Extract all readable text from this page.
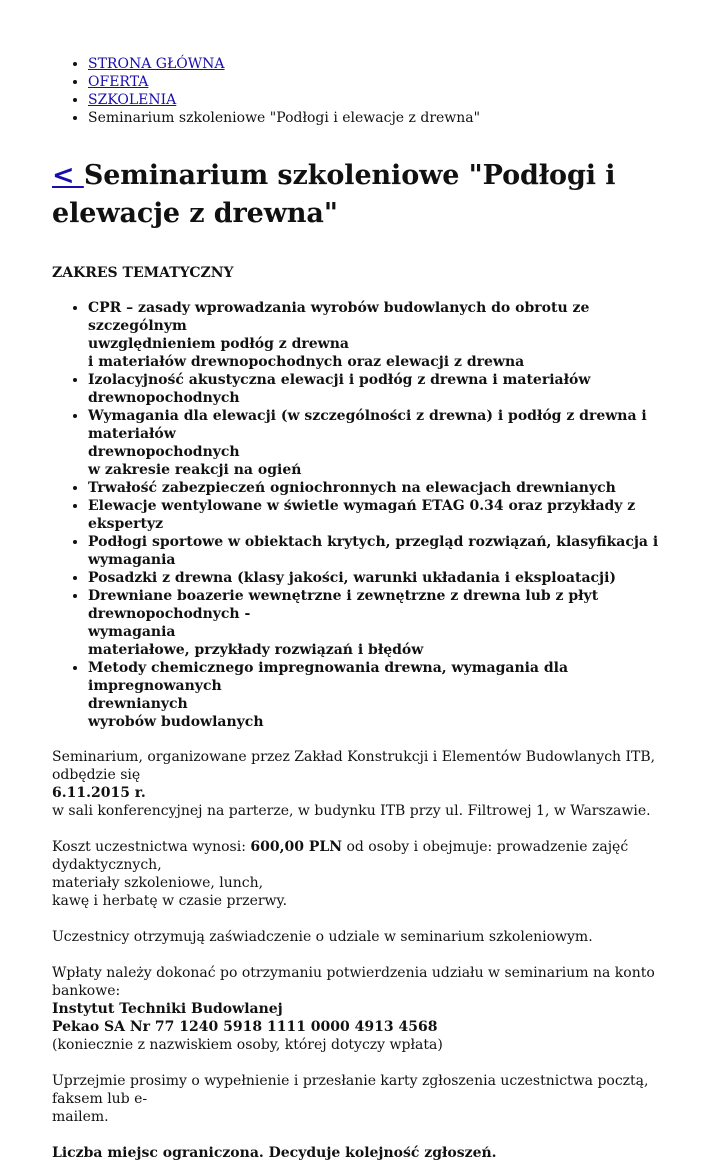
• STRONA GŁÓWNA
• OFERTA
• SZKOLENIA
• Seminarium szkoleniowe "Podłogi i elewacje z drewna"
< Seminarium szkoleniowe "Podłogi i
elewacje z drewna"

ZAKRES TEMATYCZNY

• CPR – zasady wprowadzania wyrobów budowlanych do obrotu ze szczególnym
uwzględnieniem podłóg z drewna
i materiałów drewnopochodnych oraz elewacji z drewna
• Izolacyjność akustyczna elewacji i podłóg z drewna i materiałów drewnopochodnych
• Wymagania dla elewacji (w szczególności z drewna) i podłóg z drewna i materiałów
drewnopochodnych
w zakresie reakcji na ogień
• Trwałość zabezpieczeń ogniochronnych na elewacjach drewnianych
• Elewacje wentylowane w świetle wymagań ETAG 0.34 oraz przykłady z ekspertyz
• Podłogi sportowe w obiektach krytych, przegląd rozwiązań, klasyfikacja i wymagania
• Posadzki z drewna (klasy jakości, warunki układania i eksploatacji)
• Drewniane boazerie wewnętrzne i zewnętrzne z drewna lub z płyt drewnopochodnych -
wymagania
materiałowe, przykłady rozwiązań i błędów
• Metody chemicznego impregnowania drewna, wymagania dla impregnowanych
drewnianych
wyrobów budowlanych

Seminarium, organizowane przez Zakład Konstrukcji i Elementów Budowlanych ITB, odbędzie się

6.11.2015 r.

w sali konferencyjnej na parterze, w budynku ITB przy ul. Filtrowej 1, w Warszawie.

Koszt uczestnictwa wynosi: 600,00 PLN od osoby i obejmuje: prowadzenie zajęć dydaktycznych,

materiały szkoleniowe, lunch,

kawę i herbatę w czasie przerwy.

Uczestnicy otrzymują zaświadczenie o udziale w seminarium szkoleniowym.

Wpłaty należy dokonać po otrzymaniu potwierdzenia udziału w seminarium na konto bankowe:

Instytut Techniki Budowlanej

Pekao SA Nr 77 1240 5918 1111 0000 4913 4568

(koniecznie z nazwiskiem osoby, której dotyczy wpłata)

Uprzejmie prosimy o wypełnienie i przesłanie karty zgłoszenia uczestnictwa pocztą, faksem lub e-

mailem.

Liczba miejsc ograniczona. Decyduje kolejność zgłoszeń.
